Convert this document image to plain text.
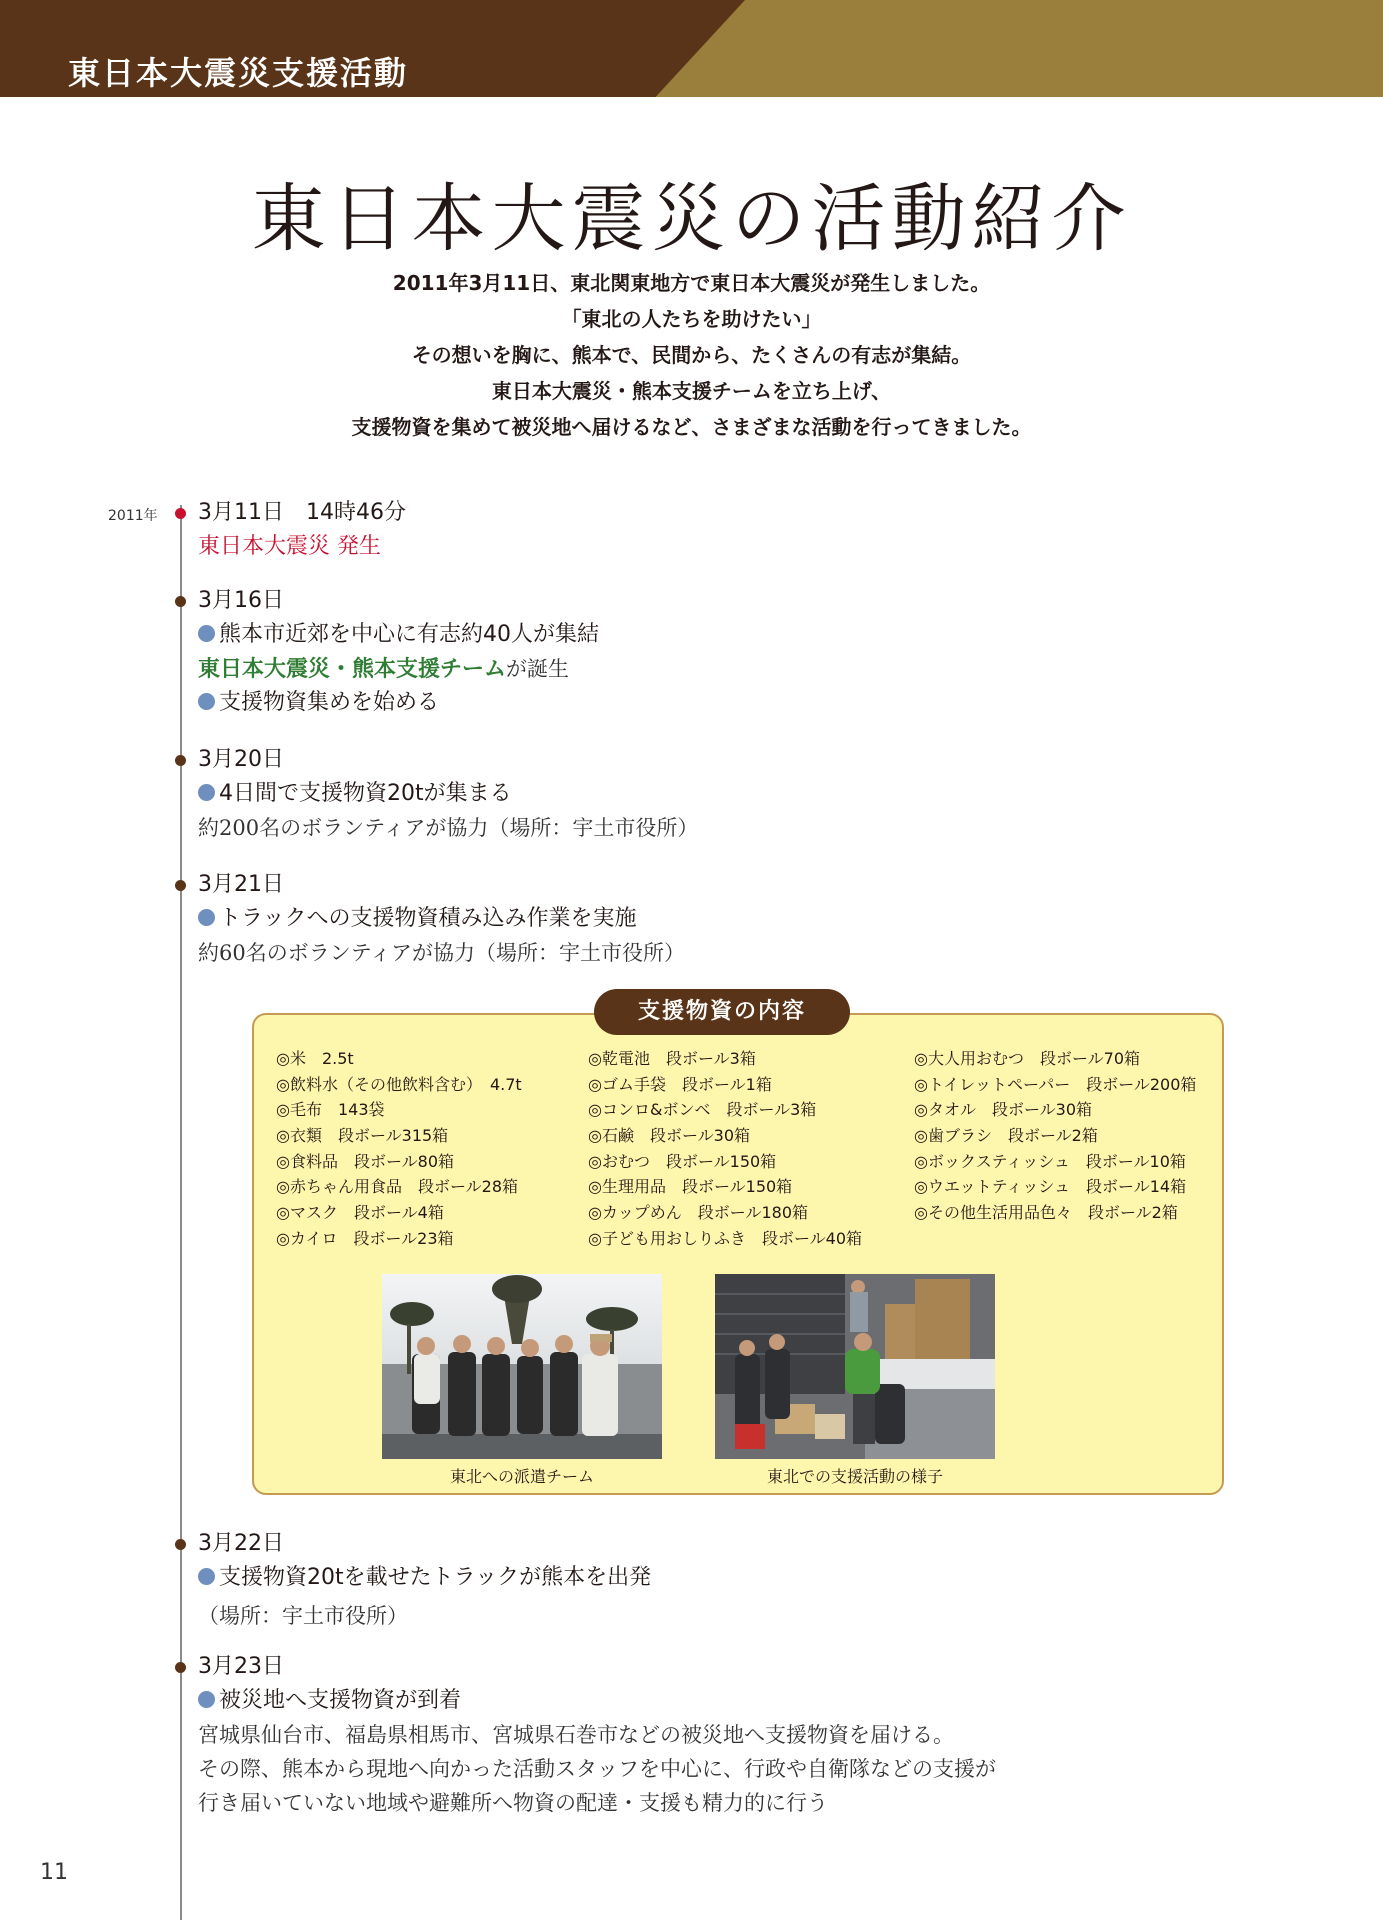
東日本大震災支援活動
東日本大震災の活動紹介
2011年3月11日、東北関東地方で東日本大震災が発生しました。
「東北の人たちを助けたい」
その想いを胸に、熊本で、民間から、たくさんの有志が集結。
東日本大震災・熊本支援チームを立ち上げ、
支援物資を集めて被災地へ届けるなど、さまざまな活動を行ってきました。
2011年 3月11日　14時46分
東日本大震災 発生
3月16日
熊本市近郊を中心に有志約40人が集結
東日本大震災・熊本支援チームが誕生
支援物資集めを始める
3月20日
4日間で支援物資20tが集まる
約200名のボランティアが協力（場所：宇土市役所）
3月21日
トラックへの支援物資積み込み作業を実施
約60名のボランティアが協力（場所：宇土市役所）
支援物資の内容
◎米　2.5t
◎飲料水（その他飲料含む）　4.7t
◎毛布　143袋
◎衣類　段ボール315箱
◎食料品　段ボール80箱
◎赤ちゃん用食品　段ボール28箱
◎マスク　段ボール4箱
◎カイロ　段ボール23箱
◎乾電池　段ボール3箱
◎ゴム手袋　段ボール1箱
◎コンロ&ボンベ　段ボール3箱
◎石鹸　段ボール30箱
◎おむつ　段ボール150箱
◎生理用品　段ボール150箱
◎カップめん　段ボール180箱
◎子ども用おしりふき　段ボール40箱
◎大人用おむつ　段ボール70箱
◎トイレットペーパー　段ボール200箱
◎タオル　段ボール30箱
◎歯ブラシ　段ボール2箱
◎ボックスティッシュ　段ボール10箱
◎ウエットティッシュ　段ボール14箱
◎その他生活用品色々　段ボール2箱
東北への派遣チーム	東北での支援活動の様子
3月22日
支援物資20tを載せたトラックが熊本を出発
（場所：宇土市役所）
3月23日
被災地へ支援物資が到着
宮城県仙台市、福島県相馬市、宮城県石巻市などの被災地へ支援物資を届ける。
その際、熊本から現地へ向かった活動スタッフを中心に、行政や自衛隊などの支援が
行き届いていない地域や避難所へ物資の配達・支援も精力的に行う
11
